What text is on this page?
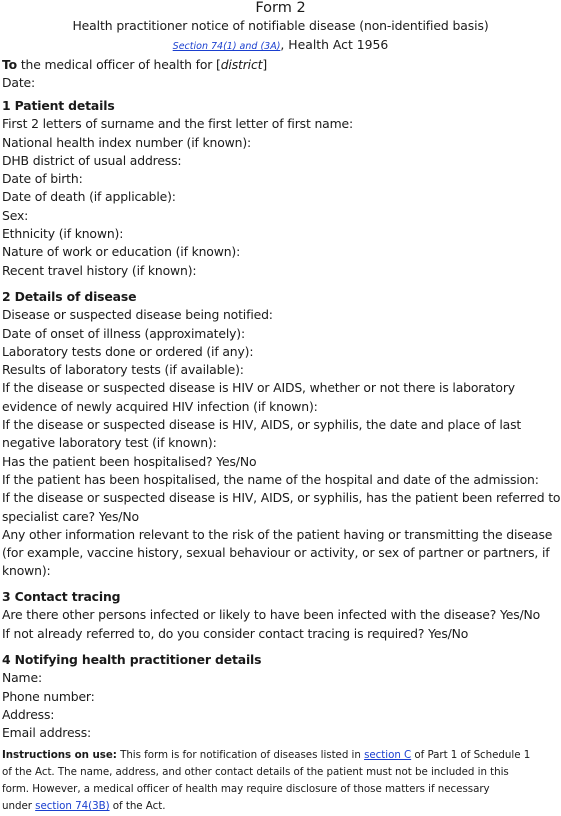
Form 2
Health practitioner notice of notifiable disease (non-identified basis)
Section 74(1) and (3A), Health Act 1956
To the medical officer of health for [district]
Date:
1 Patient details
First 2 letters of surname and the first letter of first name:
National health index number (if known):
DHB district of usual address:
Date of birth:
Date of death (if applicable):
Sex:
Ethnicity (if known):
Nature of work or education (if known):
Recent travel history (if known):
2 Details of disease
Disease or suspected disease being notified:
Date of onset of illness (approximately):
Laboratory tests done or ordered (if any):
Results of laboratory tests (if available):
If the disease or suspected disease is HIV or AIDS, whether or not there is laboratory
evidence of newly acquired HIV infection (if known):
If the disease or suspected disease is HIV, AIDS, or syphilis, the date and place of last
negative laboratory test (if known):
Has the patient been hospitalised? Yes/No
If the patient has been hospitalised, the name of the hospital and date of the admission:
If the disease or suspected disease is HIV, AIDS, or syphilis, has the patient been referred to
specialist care? Yes/No
Any other information relevant to the risk of the patient having or transmitting the disease
(for example, vaccine history, sexual behaviour or activity, or sex of partner or partners, if
known):
3 Contact tracing
Are there other persons infected or likely to have been infected with the disease? Yes/No
If not already referred to, do you consider contact tracing is required? Yes/No
4 Notifying health practitioner details
Name:
Phone number:
Address:
Email address:
Instructions on use: This form is for notification of diseases listed in section C of Part 1 of Schedule 1
of the Act. The name, address, and other contact details of the patient must not be included in this
form. However, a medical officer of health may require disclosure of those matters if necessary
under section 74(3B) of the Act.
